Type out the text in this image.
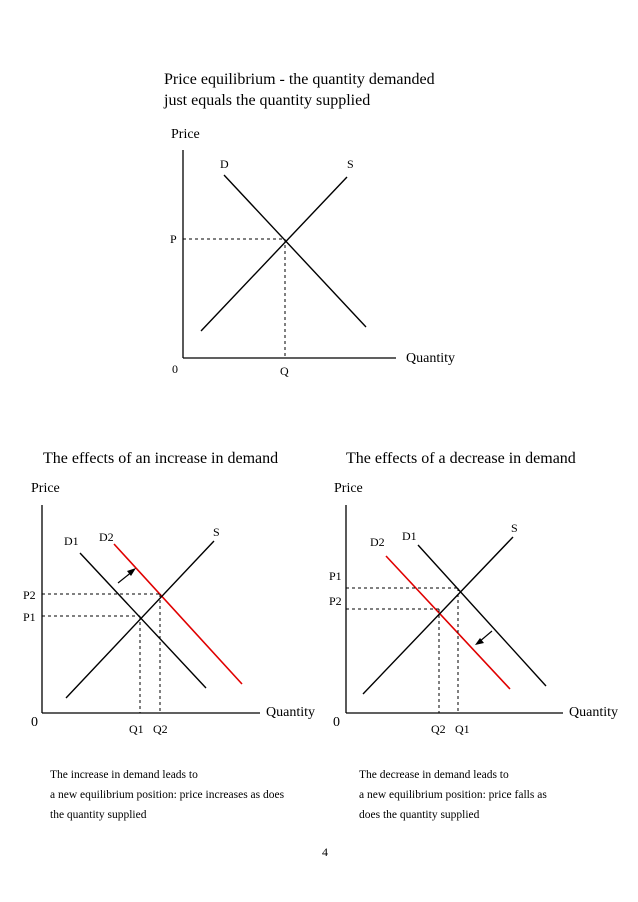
Price equilibrium - the quantity demanded
just equals the quantity supplied
Price
D	S
P
0	Q
Quantity
The effects of an increase in demand
Price
D1 D2	S
P2
P1
0	Q1 Q2
Quantity
The increase in demand leads to
a new equilibrium position: price increases as does
the quantity supplied
The effects of a decrease in demand
Price
D2 D1
S
P1
P2
0	Q2 Q1
Quantity
The decrease in demand leads to
a new equilibrium position: price falls as
does the quantity supplied
4
